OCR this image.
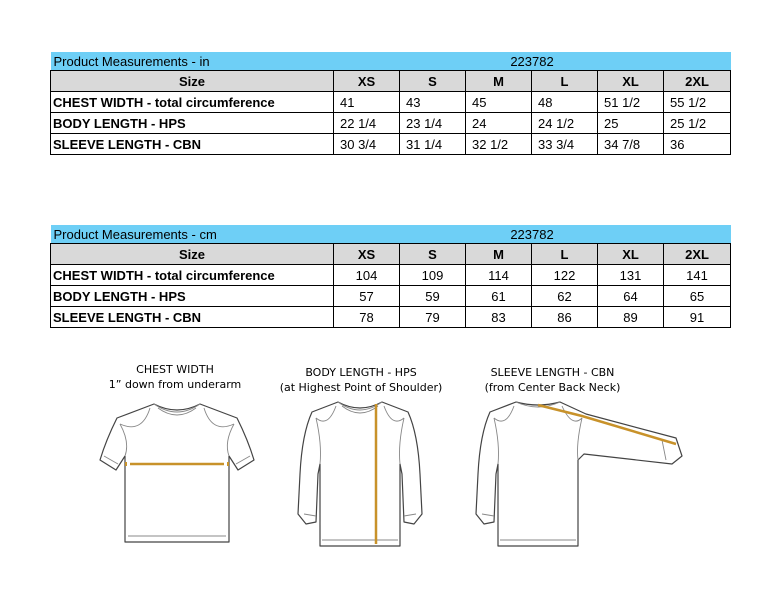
Product Measurements - in	223782					
Size	XS	S	M	L	XL	2XL
CHEST WIDTH - total circumference	41	43	45	48	51 1/2	55 1/2
BODY LENGTH - HPS	22 1/4	23 1/4	24	24 1/2	25	25 1/2
SLEEVE LENGTH - CBN	30 3/4	31 1/4	32 1/2	33 3/4	34 7/8	36
Product Measurements - cm	223782					
Size	XS	S	M	L	XL	2XL
CHEST WIDTH - total circumference	104	109	114	122	131	141
BODY LENGTH - HPS	57	59	61	62	64	65
SLEEVE LENGTH - CBN	78	79	83	86	89	91
CHEST WIDTH
1” down from underarm
BODY LENGTH - HPS
(at Highest Point of Shoulder)
SLEEVE LENGTH - CBN
(from Center Back Neck)
